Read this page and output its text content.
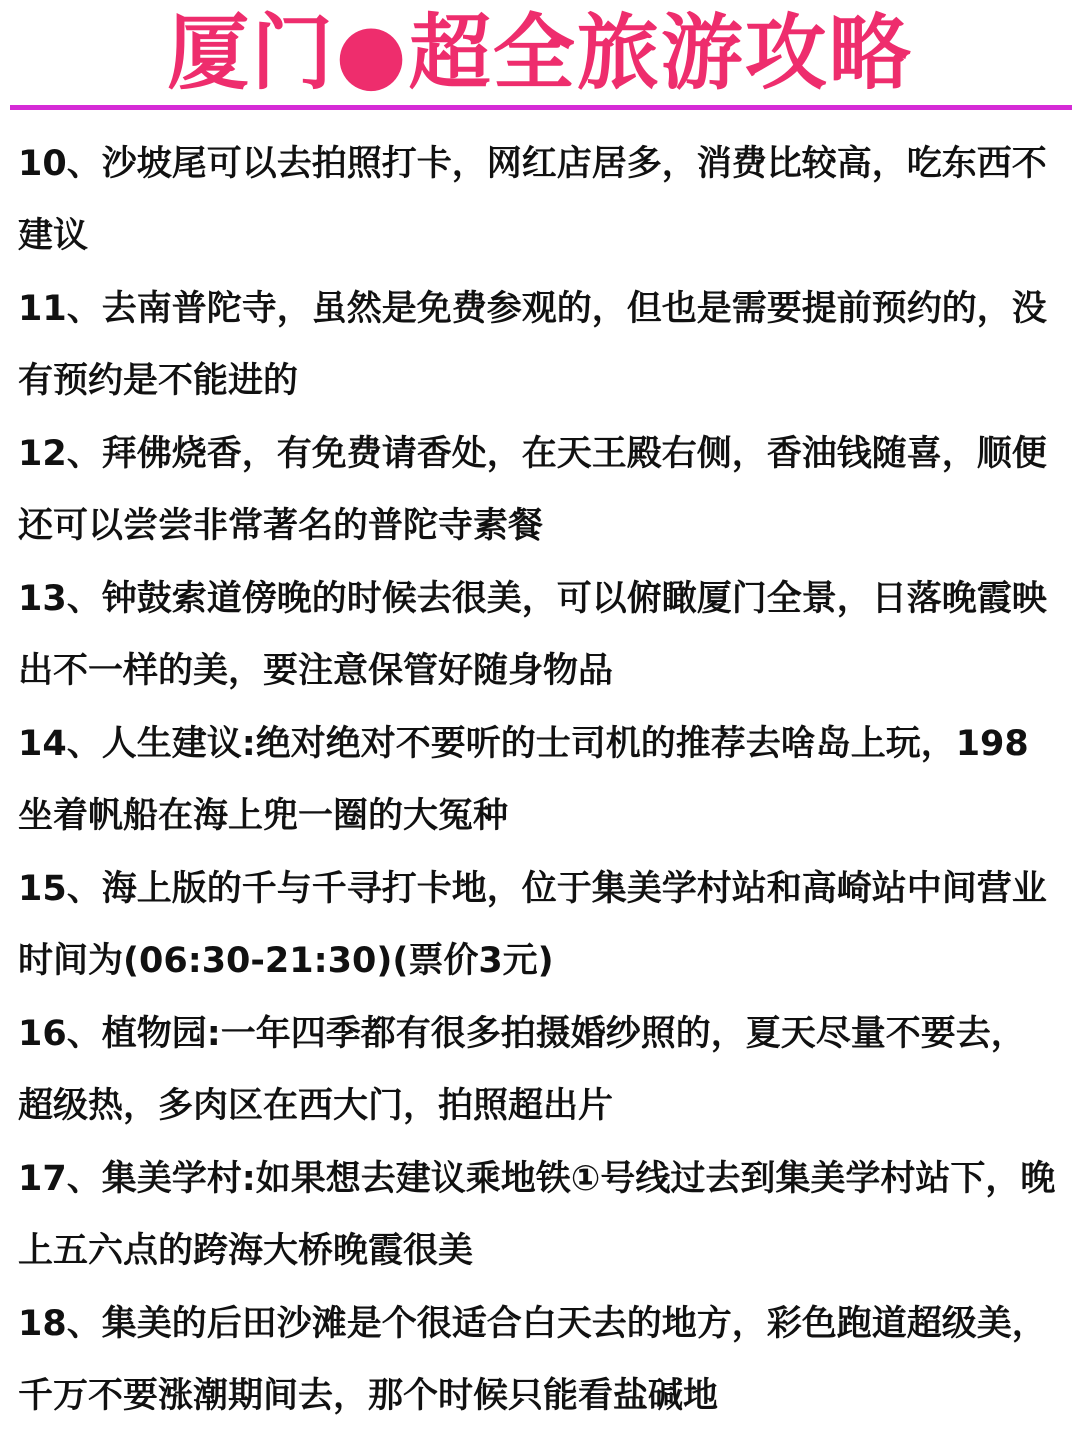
厦门●超全旅游攻略
10、沙坡尾可以去拍照打卡，网红店居多，消费比较高，吃东西不建议
11、去南普陀寺，虽然是免费参观的，但也是需要提前预约的，没有预约是不能进的
12、拜佛烧香，有免费请香处，在天王殿右侧，香油钱随喜，顺便还可以尝尝非常著名的普陀寺素餐
13、钟鼓索道傍晚的时候去很美，可以俯瞰厦门全景，日落晚霞映出不一样的美，要注意保管好随身物品
14、人生建议:绝对绝对不要听的士司机的推荐去啥岛上玩，198坐着帆船在海上兜一圈的大冤种
15、海上版的千与千寻打卡地，位于集美学村站和高崎站中间营业时间为(06:30-21:30)(票价3元)
16、植物园:一年四季都有很多拍摄婚纱照的，夏天尽量不要去，超级热，多肉区在西大门，拍照超出片
17、集美学村:如果想去建议乘地铁①号线过去到集美学村站下，晚上五六点的跨海大桥晚霞很美
18、集美的后田沙滩是个很适合白天去的地方，彩色跑道超级美，千万不要涨潮期间去，那个时候只能看盐碱地
